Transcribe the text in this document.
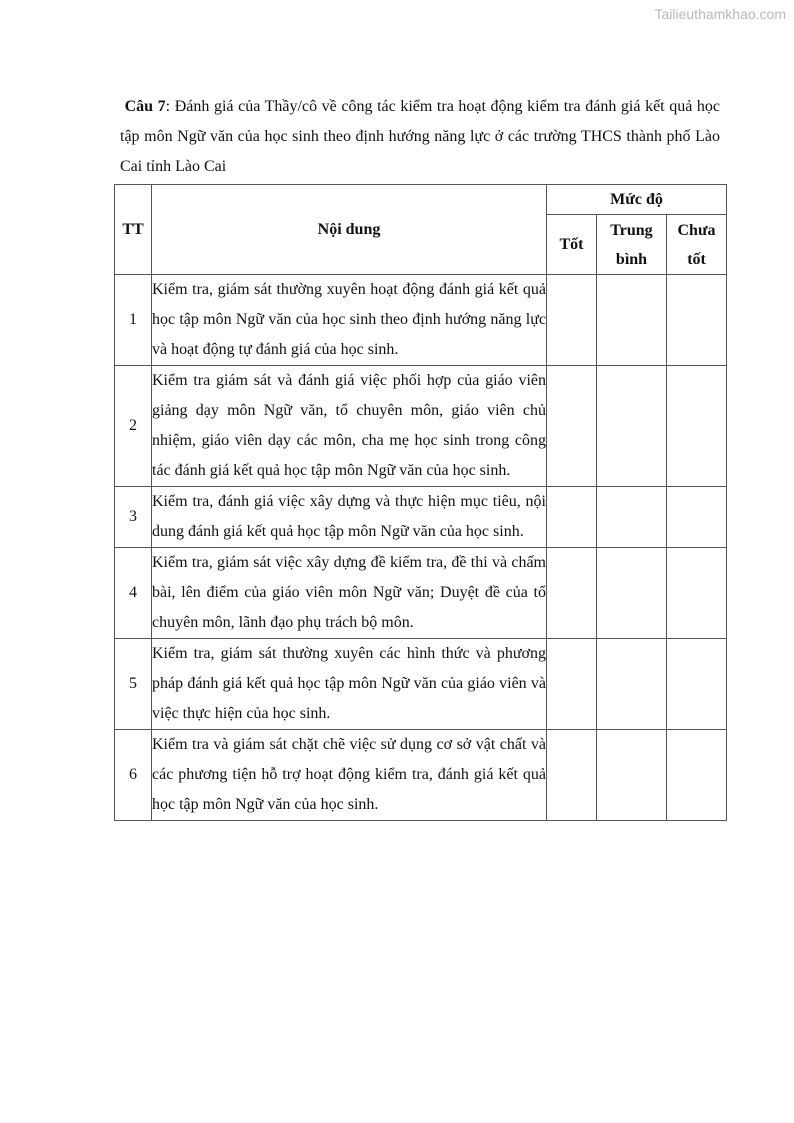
Tailieuthamkhao.com
Câu 7: Đánh giá của Thầy/cô về công tác kiểm tra hoạt động kiểm tra đánh giá kết quả học tập môn Ngữ văn của học sinh theo định hướng năng lực ở các trường THCS thành phố Lào Cai tỉnh Lào Cai
TT	Nội dung	Mức độ		
		Tốt	Trung bình	Chưa tốt
1	Kiểm tra, giám sát thường xuyên hoạt động đánh giá kết quả học tập môn Ngữ văn của học sinh theo định hướng năng lực và hoạt động tự đánh giá của học sinh.			
2	Kiểm tra giám sát và đánh giá việc phối hợp của giáo viên giảng dạy môn Ngữ văn, tổ chuyên môn, giáo viên chủ nhiệm, giáo viên dạy các môn, cha mẹ học sinh trong công tác đánh giá kết quả học tập môn Ngữ văn của học sinh.			
3	Kiểm tra, đánh giá việc xây dựng và thực hiện mục tiêu, nội dung đánh giá kết quả học tập môn Ngữ văn của học sinh.			
4	Kiểm tra, giám sát việc xây dựng đề kiểm tra, đề thi và chấm bài, lên điểm của giáo viên môn Ngữ văn; Duyệt đề của tổ chuyên môn, lãnh đạo phụ trách bộ môn.			
5	Kiểm tra, giám sát thường xuyên các hình thức và phương pháp đánh giá kết quả học tập môn Ngữ văn của giáo viên và việc thực hiện của học sinh.			
6	Kiểm tra và giám sát chặt chẽ việc sử dụng cơ sở vật chất và các phương tiện hỗ trợ hoạt động kiểm tra, đánh giá kết quả học tập môn Ngữ văn của học sinh.			
